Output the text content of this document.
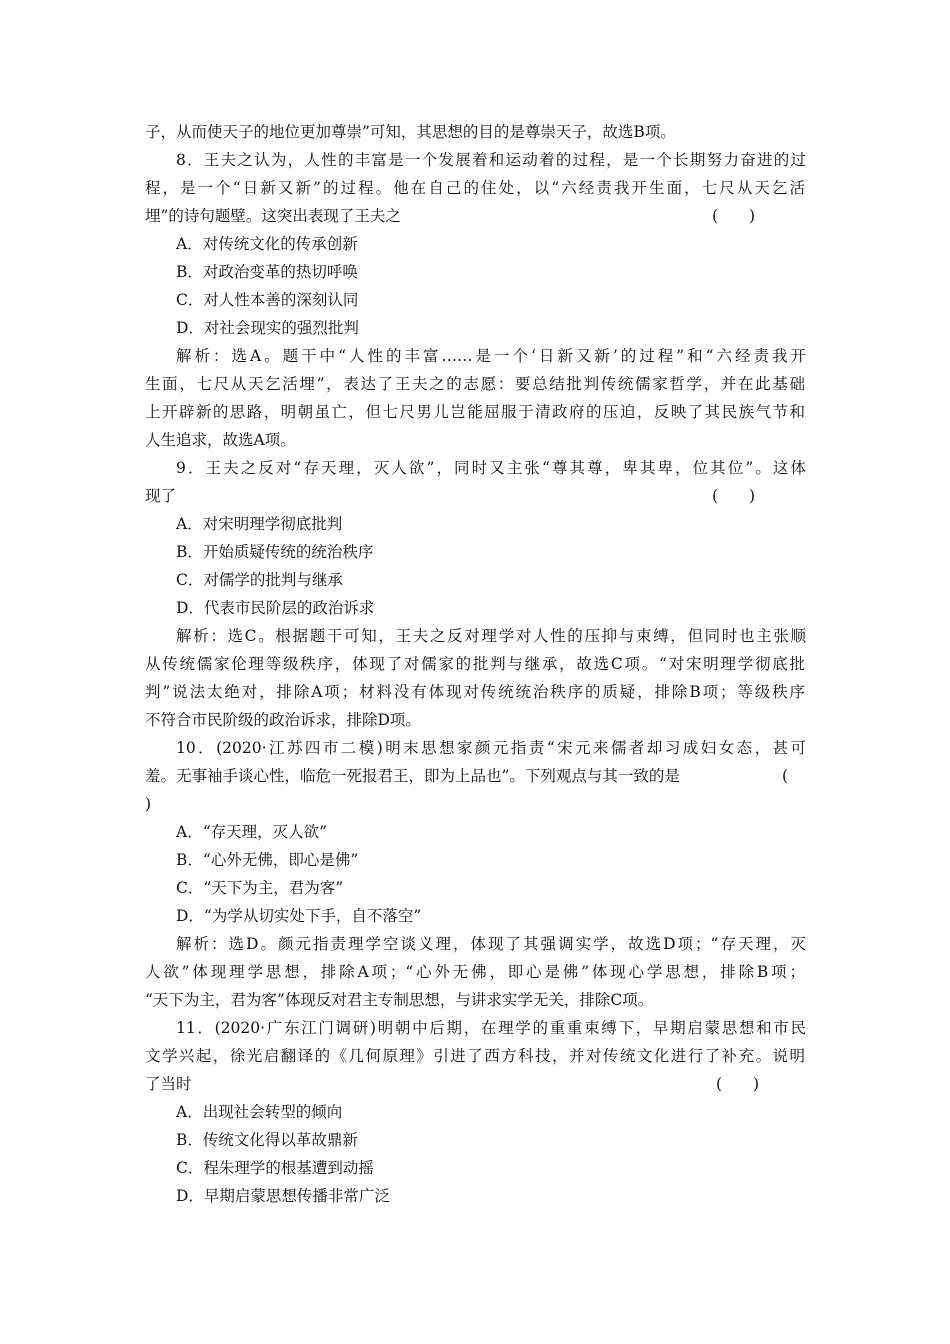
子，从而使天子的地位更加尊崇”可知，其思想的目的是尊崇天子，故选B项。
8．王夫之认为，人性的丰富是一个发展着和运动着的过程，是一个长期努力奋进的过
程，是一个“日新又新”的过程。他在自己的住处，以“六经责我开生面，七尺从天乞活
埋”的诗句题壁。这突出表现了王夫之	(　　)
A．对传统文化的传承创新
B．对政治变革的热切呼唤
C．对人性本善的深刻认同
D．对社会现实的强烈批判
解析：选A。题干中“人性的丰富……是一个‘日新又新’的过程”和“六经责我开
生面，七尺从天乞活埋”，表达了王夫之的志愿：要总结批判传统儒家哲学，并在此基础
上开辟新的思路，明朝虽亡，但七尺男儿岂能屈服于清政府的压迫，反映了其民族气节和
人生追求，故选A项。
9．王夫之反对“存天理，灭人欲”，同时又主张“尊其尊，卑其卑，位其位”。这体
现了	(　　)
A．对宋明理学彻底批判
B．开始质疑传统的统治秩序
C．对儒学的批判与继承
D．代表市民阶层的政治诉求
解析：选C。根据题干可知，王夫之反对理学对人性的压抑与束缚，但同时也主张顺
从传统儒家伦理等级秩序，体现了对儒家的批判与继承，故选C项。“对宋明理学彻底批
判”说法太绝对，排除A项；材料没有体现对传统统治秩序的质疑，排除B项；等级秩序
不符合市民阶级的政治诉求，排除D项。
10．(2020·江苏四市二模)明末思想家颜元指责“宋元来儒者却习成妇女态，甚可
羞。无事袖手谈心性，临危一死报君王，即为上品也”。下列观点与其一致的是	(
)
A．“存天理，灭人欲”
B．“心外无佛，即心是佛”
C．“天下为主，君为客”
D．“为学从切实处下手，自不落空”
解析：选D。颜元指责理学空谈义理，体现了其强调实学，故选D项；“存天理，灭
人欲”体现理学思想，排除A项；“心外无佛，即心是佛”体现心学思想，排除B项；
“天下为主，君为客”体现反对君主专制思想，与讲求实学无关，排除C项。
11．(2020·广东江门调研)明朝中后期，在理学的重重束缚下，早期启蒙思想和市民
文学兴起，徐光启翻译的《几何原理》引进了西方科技，并对传统文化进行了补充。说明
了当时	(　　)
A．出现社会转型的倾向
B．传统文化得以革故鼎新
C．程朱理学的根基遭到动摇
D．早期启蒙思想传播非常广泛
